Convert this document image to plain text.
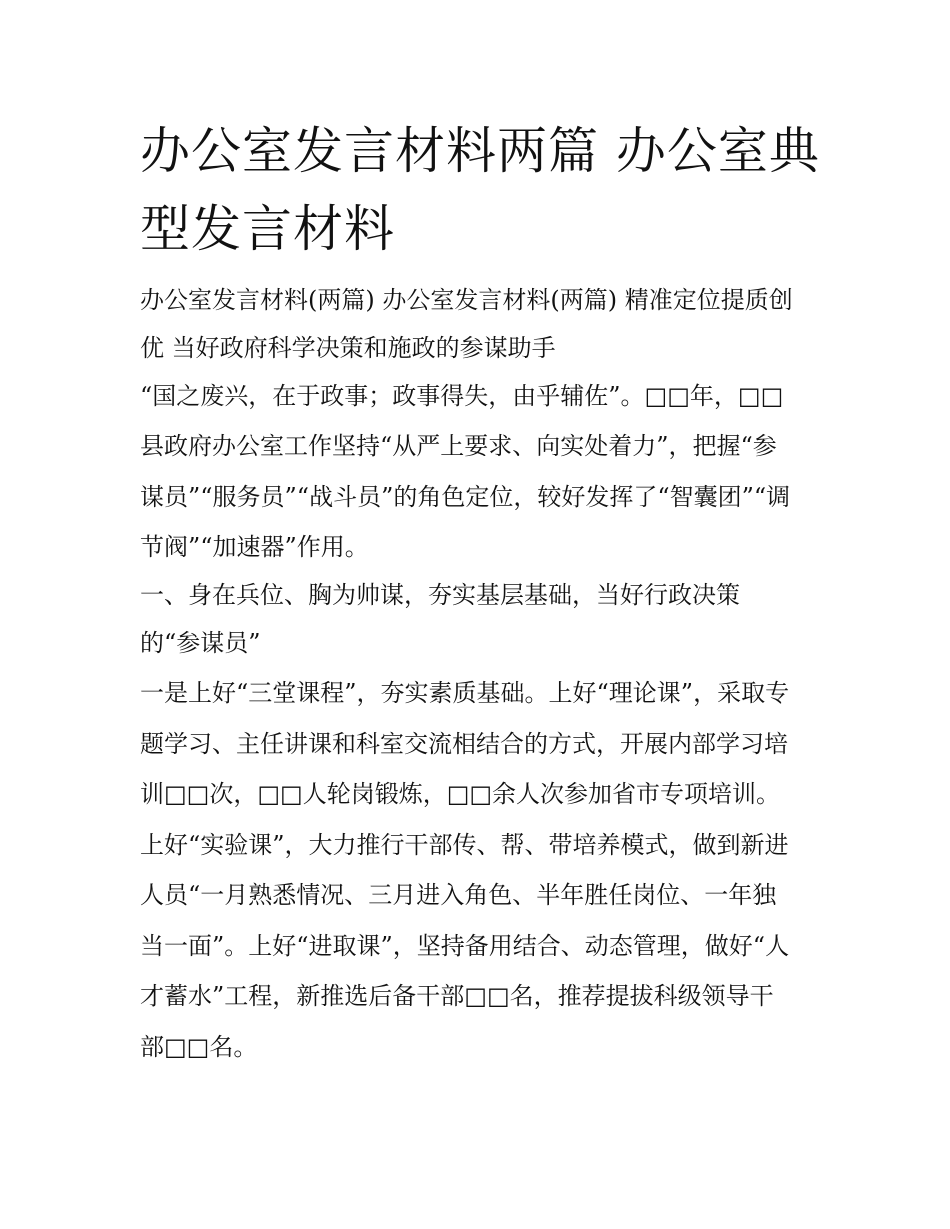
办公室发言材料两篇 办公室典
型发言材料
办公室发言材料(两篇) 办公室发言材料(两篇) 精准定位提质创
优 当好政府科学决策和施政的参谋助手
“国之废兴，在于政事；政事得失，由乎辅佐”。□□年，□□
县政府办公室工作坚持“从严上要求、向实处着力”，把握“参
谋员”“服务员”“战斗员”的角色定位，较好发挥了“智囊团”“调
节阀”“加速器”作用。
一、身在兵位、胸为帅谋，夯实基层基础，当好行政决策
的“参谋员”
一是上好“三堂课程”，夯实素质基础。上好“理论课”，采取专
题学习、主任讲课和科室交流相结合的方式，开展内部学习培
训□□次，□□人轮岗锻炼，□□余人次参加省市专项培训。
上好“实验课”，大力推行干部传、帮、带培养模式，做到新进
人员“一月熟悉情况、三月进入角色、半年胜任岗位、一年独
当一面”。上好“进取课”，坚持备用结合、动态管理，做好“人
才蓄水”工程，新推选后备干部□□名，推荐提拔科级领导干
部□□名。
